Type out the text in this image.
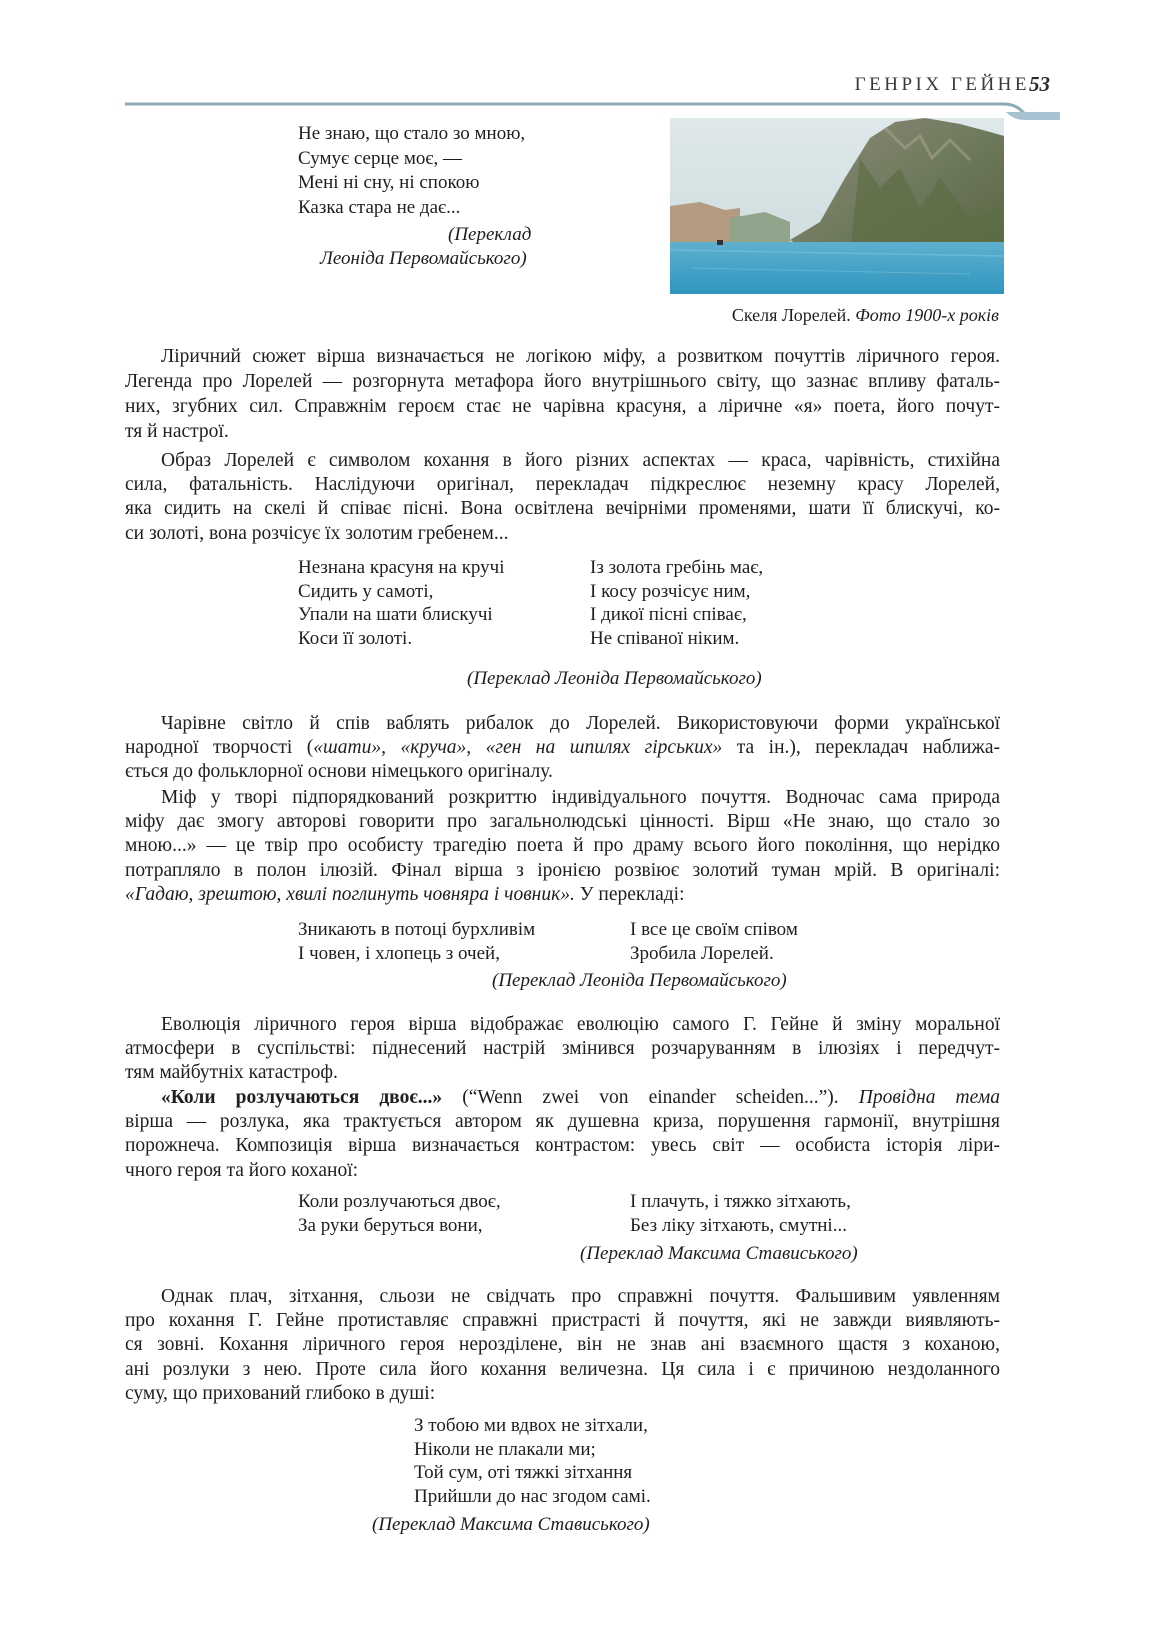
ГЕНРІХ ГЕЙНЕ 53
Не знаю, що стало зо мною,
Сумує серце моє, —
Мені ні сну, ні спокою
Казка стара не дає...
(Переклад
Леоніда Первомайського)
Скеля Лорелей. Фото 1900-х років
Ліричний сюжет вірша визначається не логікою міфу, а розвитком почуттів ліричного героя.
Легенда про Лорелей — розгорнута метафора його внутрішнього світу, що зазнає впливу фаталь-
них, згубних сил. Справжнім героєм стає не чарівна красуня, а ліричне «я» поета, його почут-
тя й настрої.
Образ Лорелей є символом кохання в його різних аспектах — краса, чарівність, стихійна
сила, фатальність. Наслідуючи оригінал, перекладач підкреслює неземну красу Лорелей,
яка сидить на скелі й співає пісні. Вона освітлена вечірніми променями, шати її блискучі, ко-
си золоті, вона розчісує їх золотим гребенем...
Незнана красуня на кручі
Сидить у самоті,
Упали на шати блискучі
Коси її золоті.
Із золота гребінь має,
І косу розчісує ним,
І дикої пісні співає,
Не співаної ніким.
(Переклад Леоніда Первомайського)
Чарівне світло й спів ваблять рибалок до Лорелей. Використовуючи форми української
народної творчості («шати», «круча», «ген на шпилях гірських» та ін.), перекладач наближа-
ється до фольклорної основи німецького оригіналу.
Міф у творі підпорядкований розкриттю індивідуального почуття. Водночас сама природа
міфу дає змогу авторові говорити про загальнолюдські цінності. Вірш «Не знаю, що стало зо
мною...» — це твір про особисту трагедію поета й про драму всього його покоління, що нерідко
потрапляло в полон ілюзій. Фінал вірша з іронією розвіює золотий туман мрій. В оригіналі:
«Гадаю, зрештою, хвилі поглинуть човняра і човник». У перекладі:
Зникають в потоці бурхливім
І човен, і хлопець з очей,
І все це своїм співом
Зробила Лорелей.
(Переклад Леоніда Первомайського)
Еволюція ліричного героя вірша відображає еволюцію самого Г. Гейне й зміну моральної
атмосфери в суспільстві: піднесений настрій змінився розчаруванням в ілюзіях і передчут-
тям майбутніх катастроф.
«Коли розлучаються двоє...» (“Wenn zwei von einander scheiden...”). Провідна тема
вірша — розлука, яка трактується автором як душевна криза, порушення гармонії, внутрішня
порожнеча. Композиція вірша визначається контрастом: увесь світ — особиста історія ліри-
чного героя та його коханої:
Коли розлучаються двоє,
За руки беруться вони,
І плачуть, і тяжко зітхають,
Без ліку зітхають, смутні...
(Переклад Максима Стависького)
Однак плач, зітхання, сльози не свідчать про справжні почуття. Фальшивим уявленням
про кохання Г. Гейне протиставляє справжні пристрасті й почуття, які не завжди виявляють-
ся зовні. Кохання ліричного героя нерозділене, він не знав ані взаємного щастя з коханою,
ані розлуки з нею. Проте сила його кохання величезна. Ця сила і є причиною нездоланного
суму, що прихований глибоко в душі:
З тобою ми вдвох не зітхали,
Ніколи не плакали ми;
Той сум, оті тяжкі зітхання
Прийшли до нас згодом самі.
(Переклад Максима Стависького)
